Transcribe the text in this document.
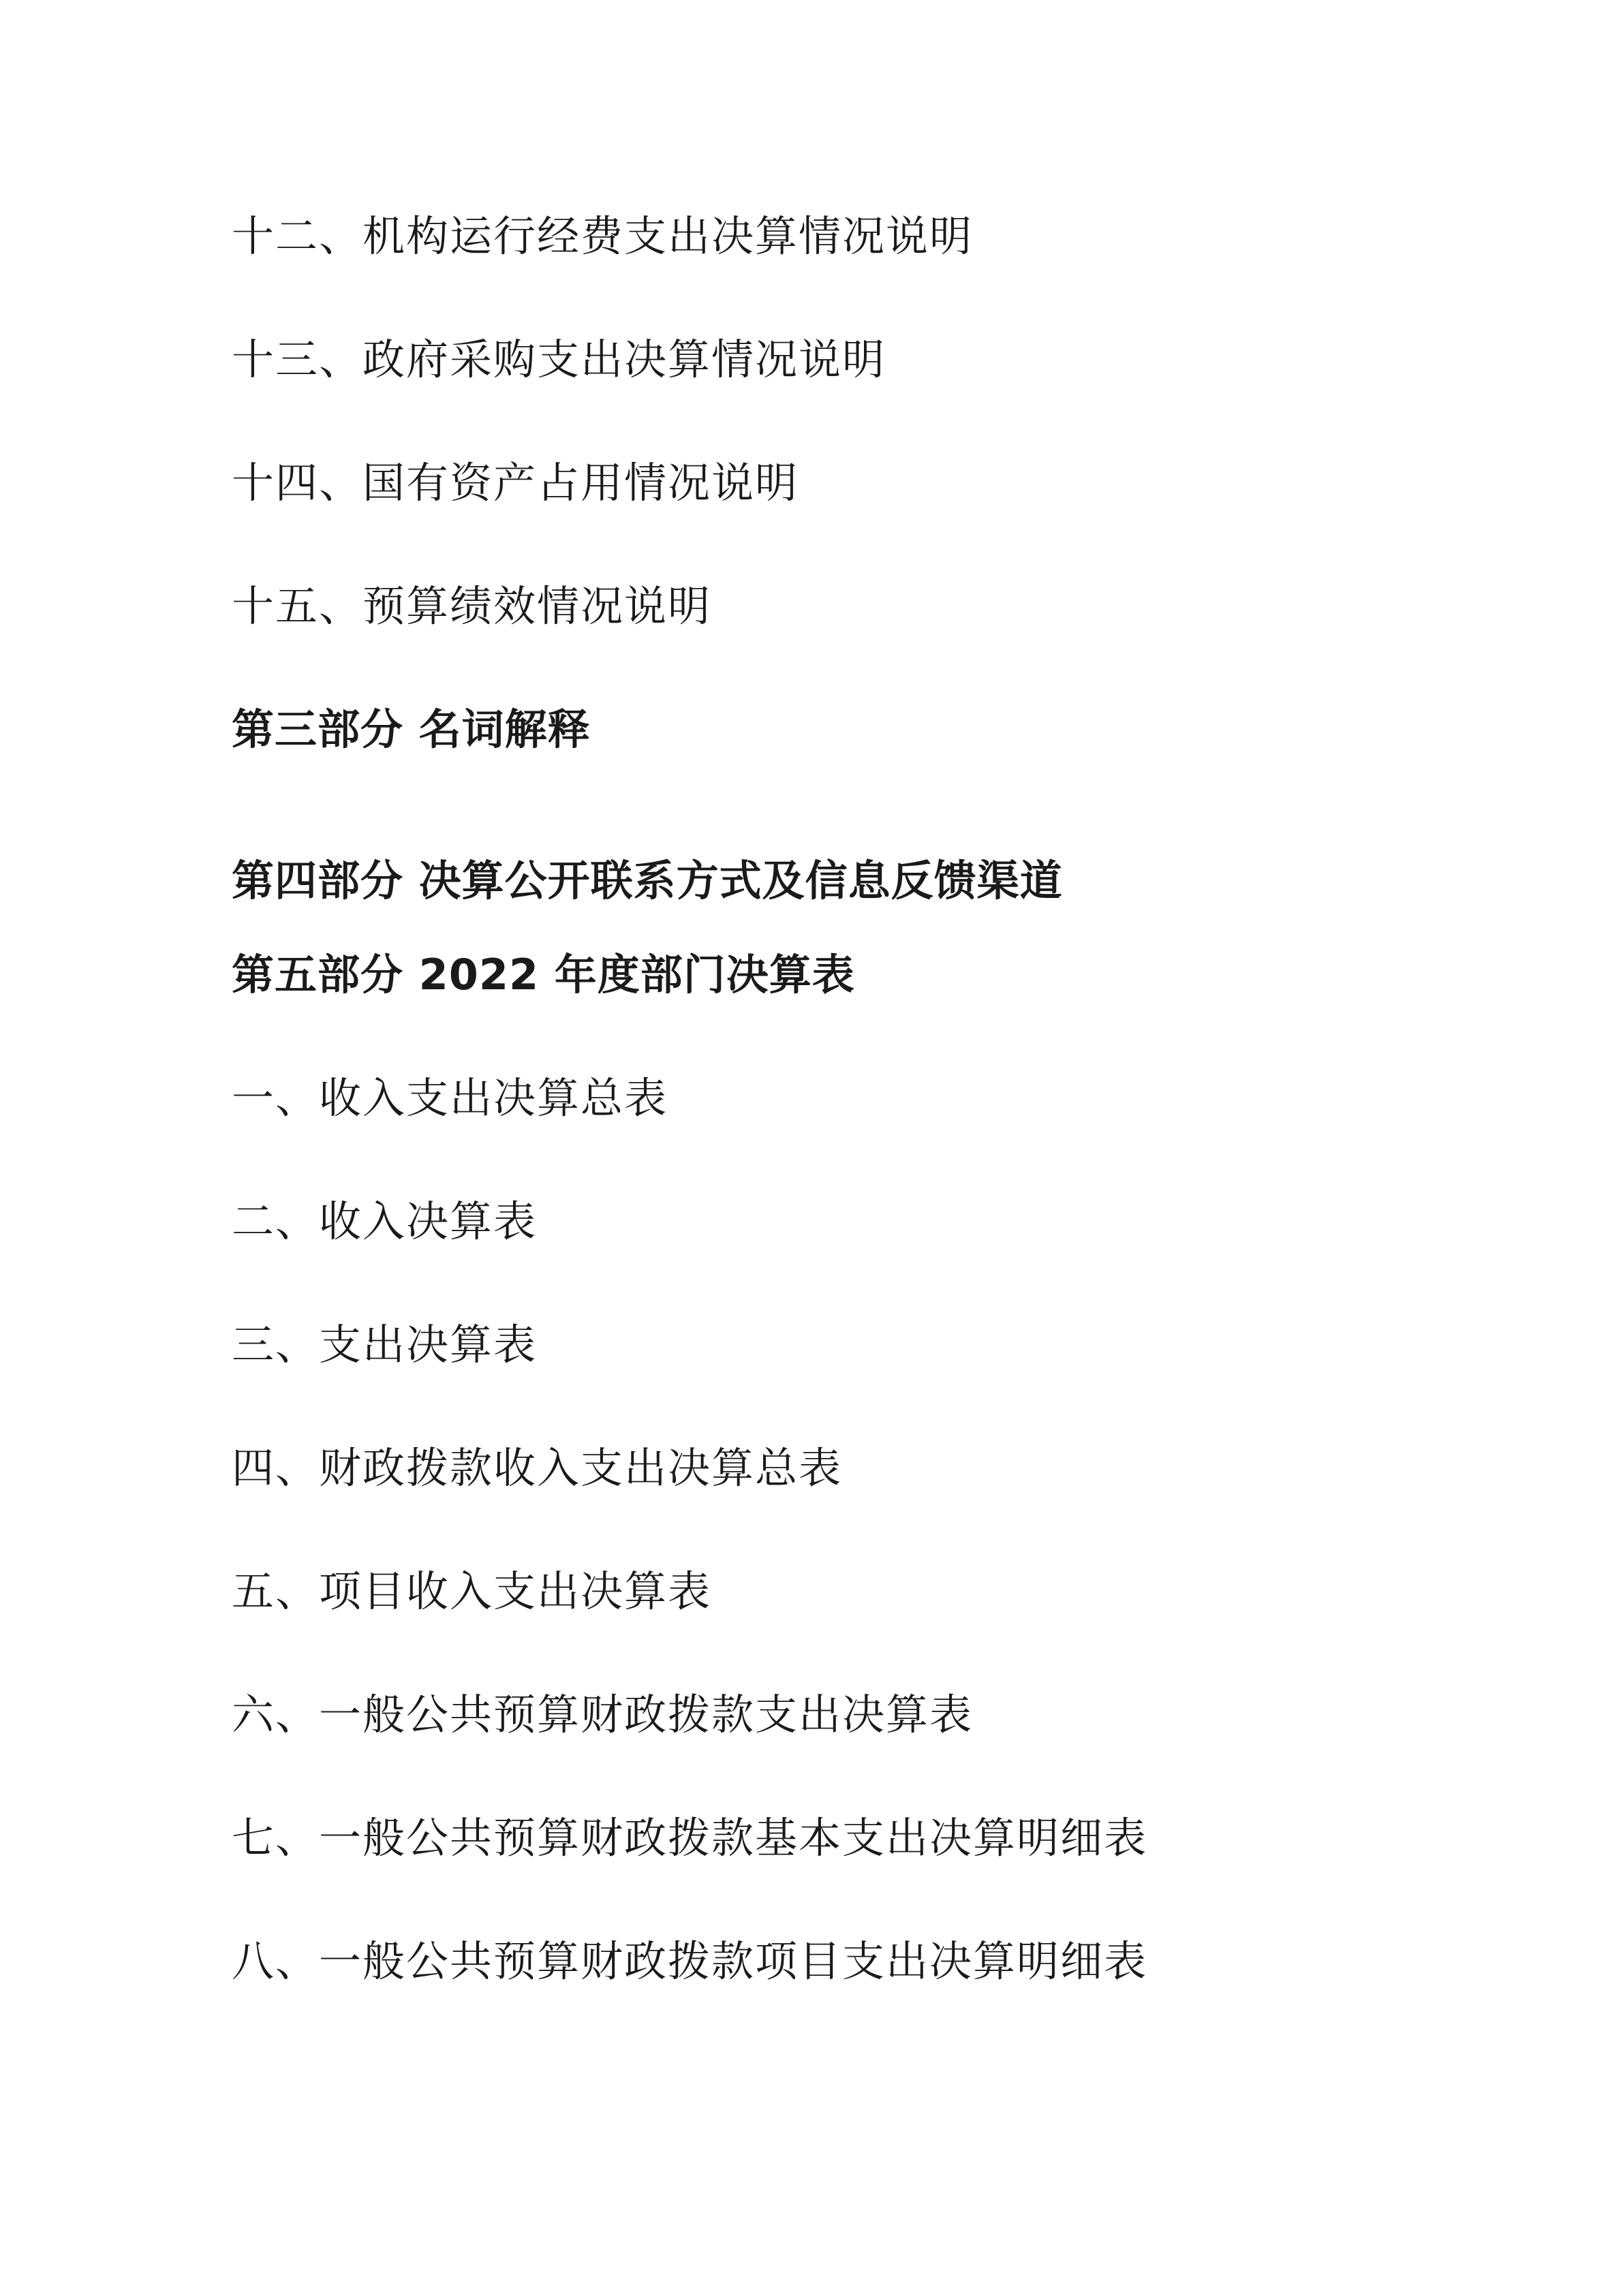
十二、机构运行经费支出决算情况说明
十三、政府采购支出决算情况说明
十四、国有资产占用情况说明
十五、预算绩效情况说明
第三部分 名词解释
第四部分 决算公开联系方式及信息反馈渠道
第五部分 2022 年度部门决算表
一、收入支出决算总表
二、收入决算表
三、支出决算表
四、财政拨款收入支出决算总表
五、项目收入支出决算表
六、一般公共预算财政拨款支出决算表
七、一般公共预算财政拨款基本支出决算明细表
八、一般公共预算财政拨款项目支出决算明细表
